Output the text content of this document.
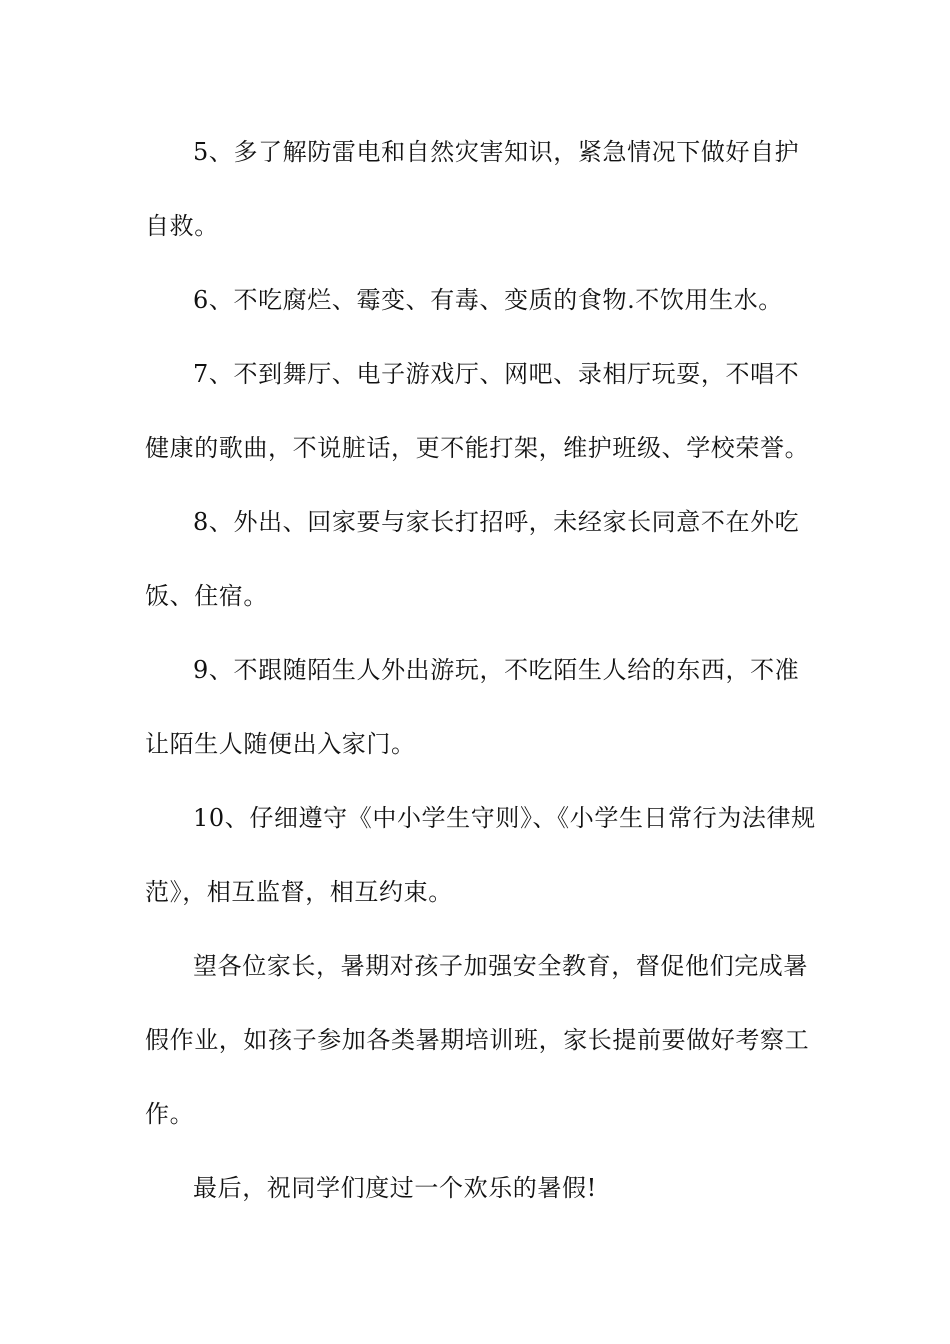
5、多了解防雷电和自然灾害知识，紧急情况下做好自护自救。

6、不吃腐烂、霉变、有毒、变质的食物.不饮用生水。

7、不到舞厅、电子游戏厅、网吧、录相厅玩耍，不唱不健康的歌曲，不说脏话，更不能打架，维护班级、学校荣誉。

8、外出、回家要与家长打招呼，未经家长同意不在外吃饭、住宿。

9、不跟随陌生人外出游玩，不吃陌生人给的东西，不准让陌生人随便出入家门。

10、仔细遵守《中小学生守则》、《小学生日常行为法律规范》，相互监督，相互约束。

望各位家长，暑期对孩子加强安全教育，督促他们完成暑假作业，如孩子参加各类暑期培训班，家长提前要做好考察工作。

最后，祝同学们度过一个欢乐的暑假!
